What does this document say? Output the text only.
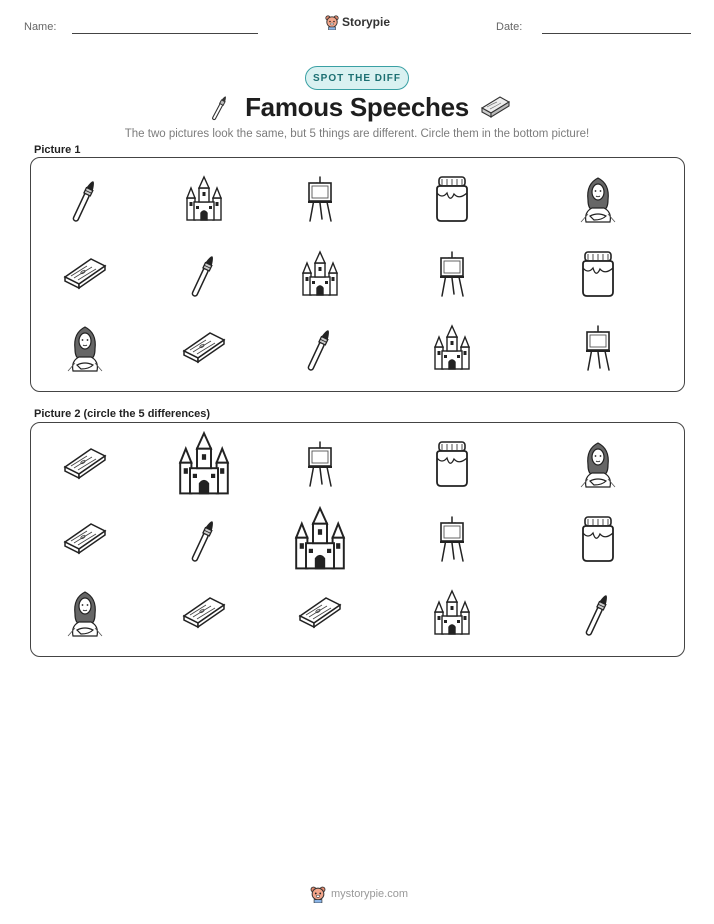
Name:	Storypie	Date:
SPOT THE DIFF
Famous Speeches
The two pictures look the same, but 5 things are different. Circle them in the bottom picture!
Picture 1
Picture 2 (circle the 5 differences)
mystorypie.com
